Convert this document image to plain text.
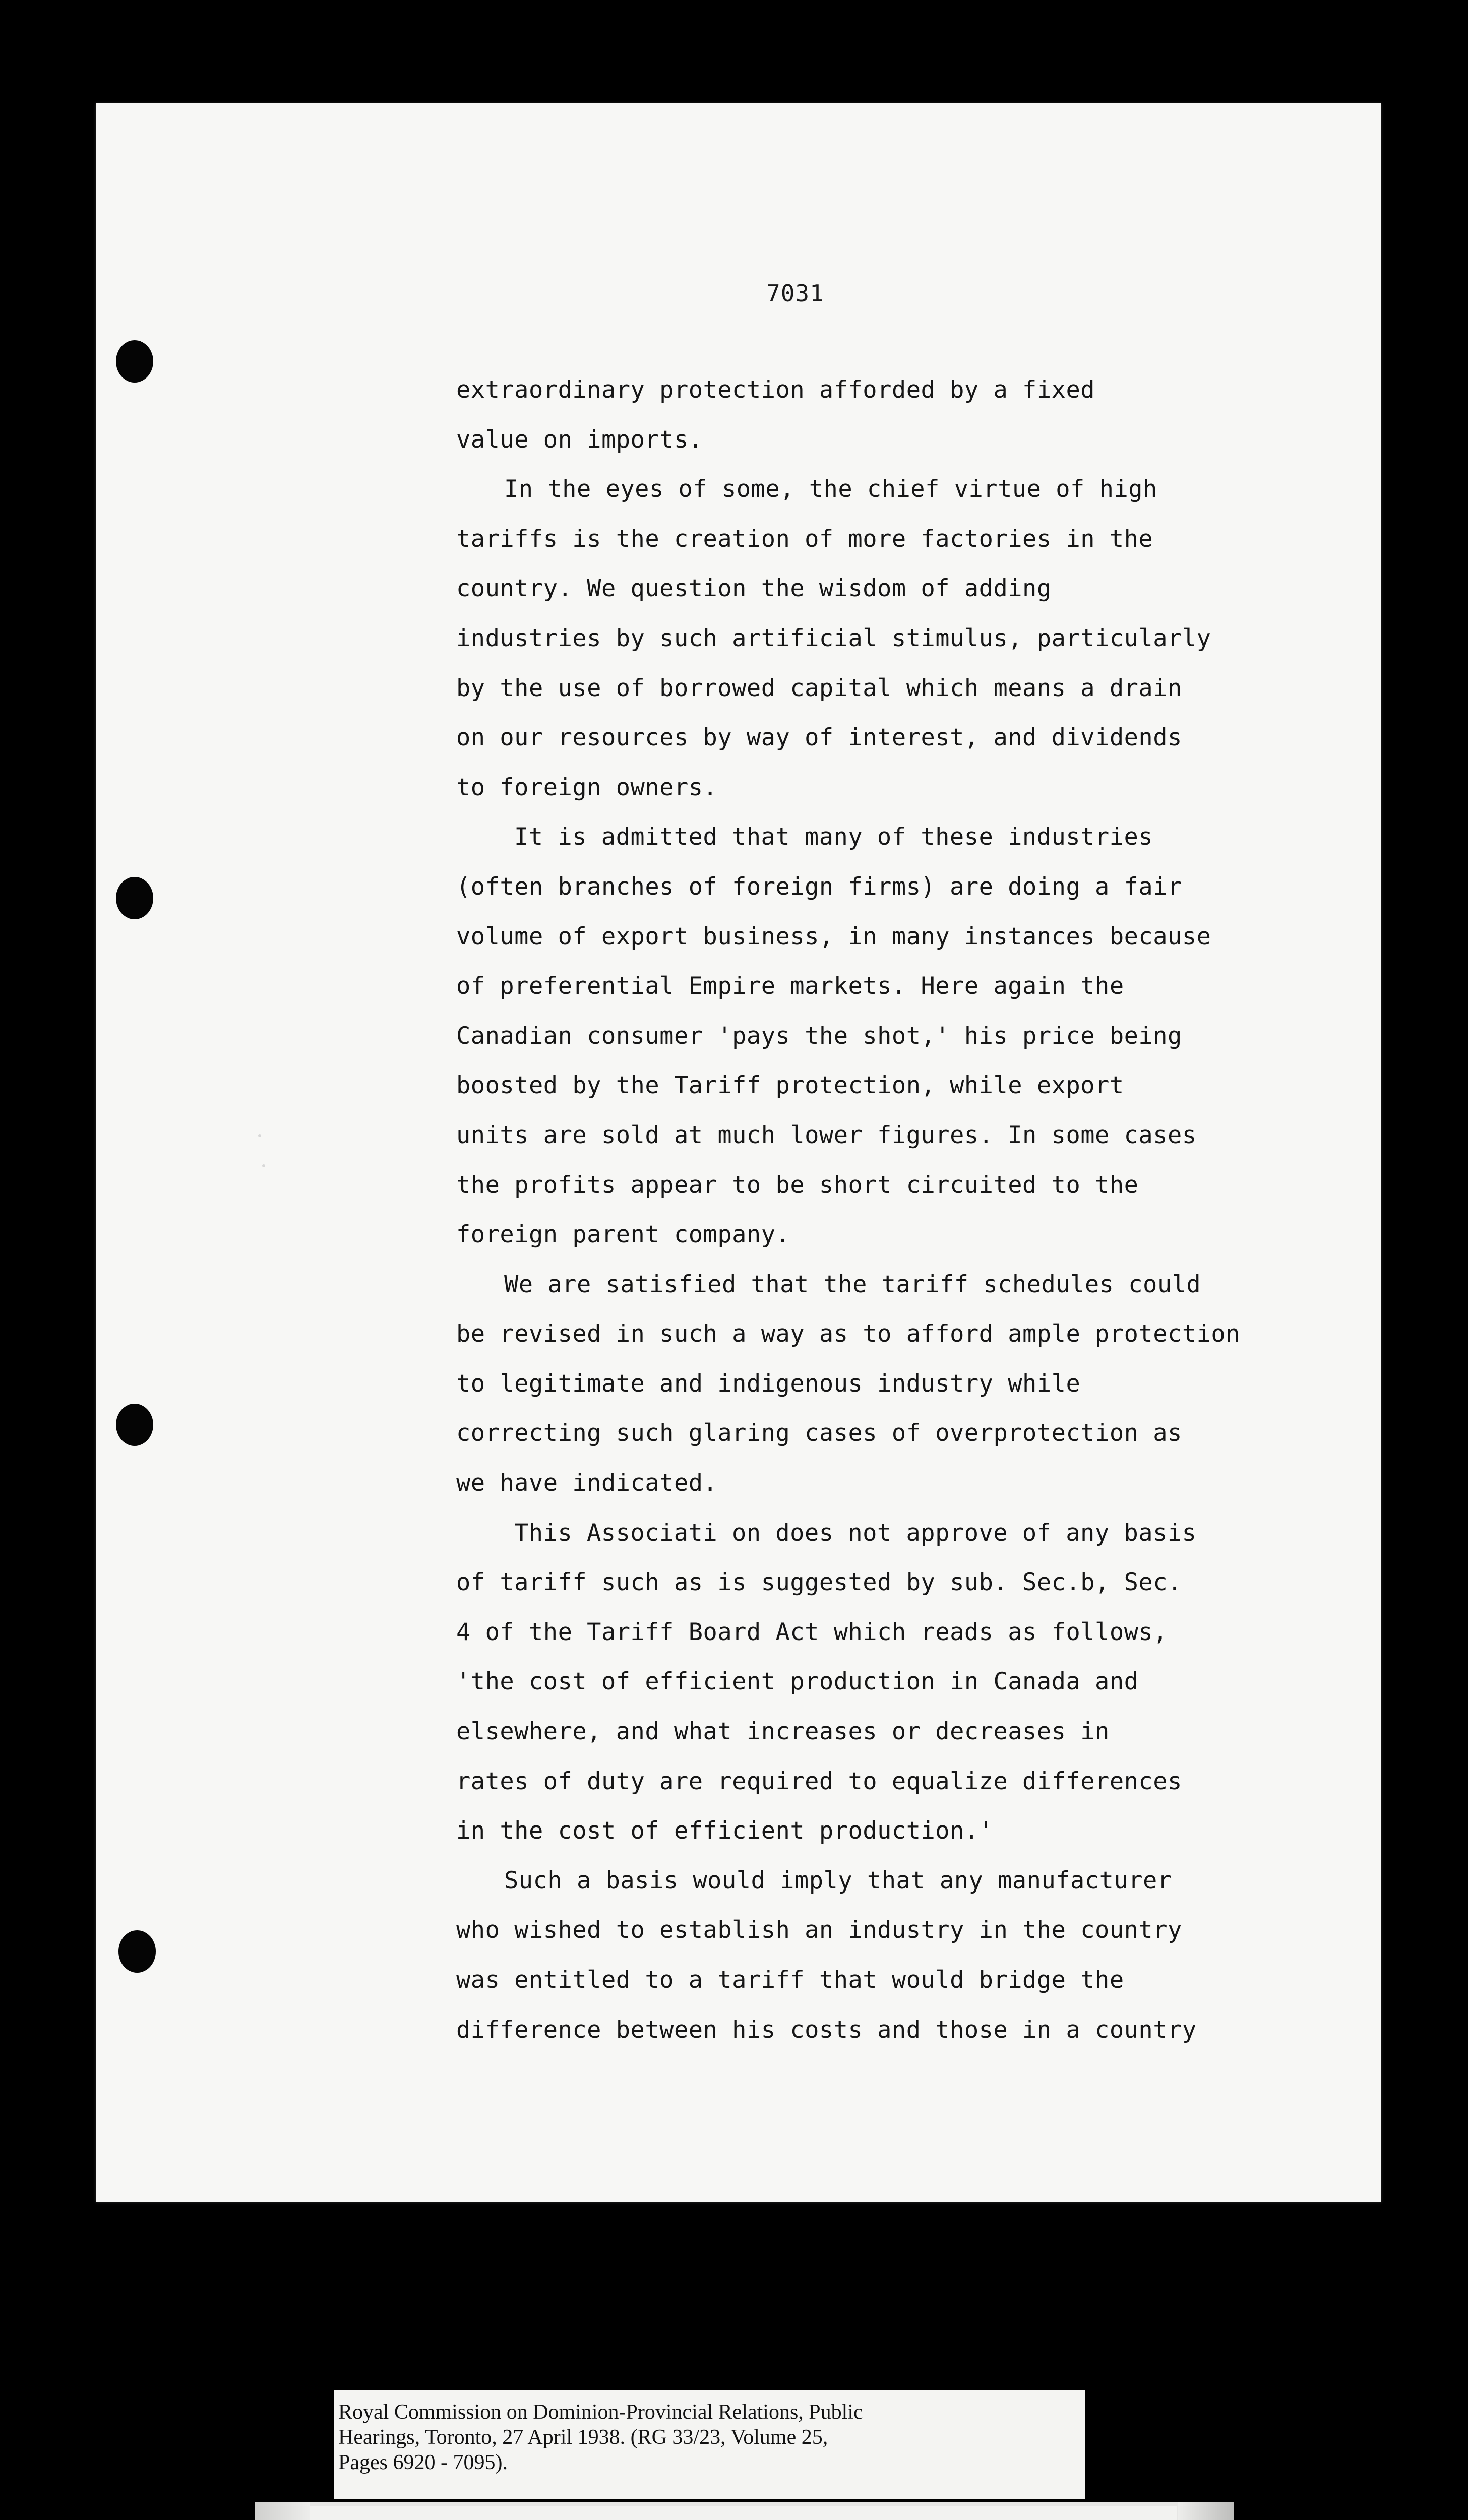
7031
extraordinary protection afforded by a fixed
value on imports.
In the eyes of some, the chief virtue of high
tariffs is the creation of more factories in the
country. We question the wisdom of adding
industries by such artificial stimulus, particularly
by the use of borrowed capital which means a drain
on our resources by way of interest, and dividends
to foreign owners.
It is admitted that many of these industries
(often branches of foreign firms) are doing a fair
volume of export business, in many instances because
of preferential Empire markets. Here again the
Canadian consumer 'pays the shot,' his price being
boosted by the Tariff protection, while export
units are sold at much lower figures. In some cases
the profits appear to be short circuited to the
foreign parent company.
We are satisfied that the tariff schedules could
be revised in such a way as to afford ample protection
to legitimate and indigenous industry while
correcting such glaring cases of overprotection as
we have indicated.
This Associati on does not approve of any basis
of tariff such as is suggested by sub. Sec.b, Sec.
4 of the Tariff Board Act which reads as follows,
'the cost of efficient production in Canada and
elsewhere, and what increases or decreases in
rates of duty are required to equalize differences
in the cost of efficient production.'
Such a basis would imply that any manufacturer
who wished to establish an industry in the country
was entitled to a tariff that would bridge the
difference between his costs and those in a country
Royal Commission on Dominion-Provincial Relations, Public
Hearings, Toronto, 27 April 1938. (RG 33/23, Volume 25,
Pages 6920 - 7095).
